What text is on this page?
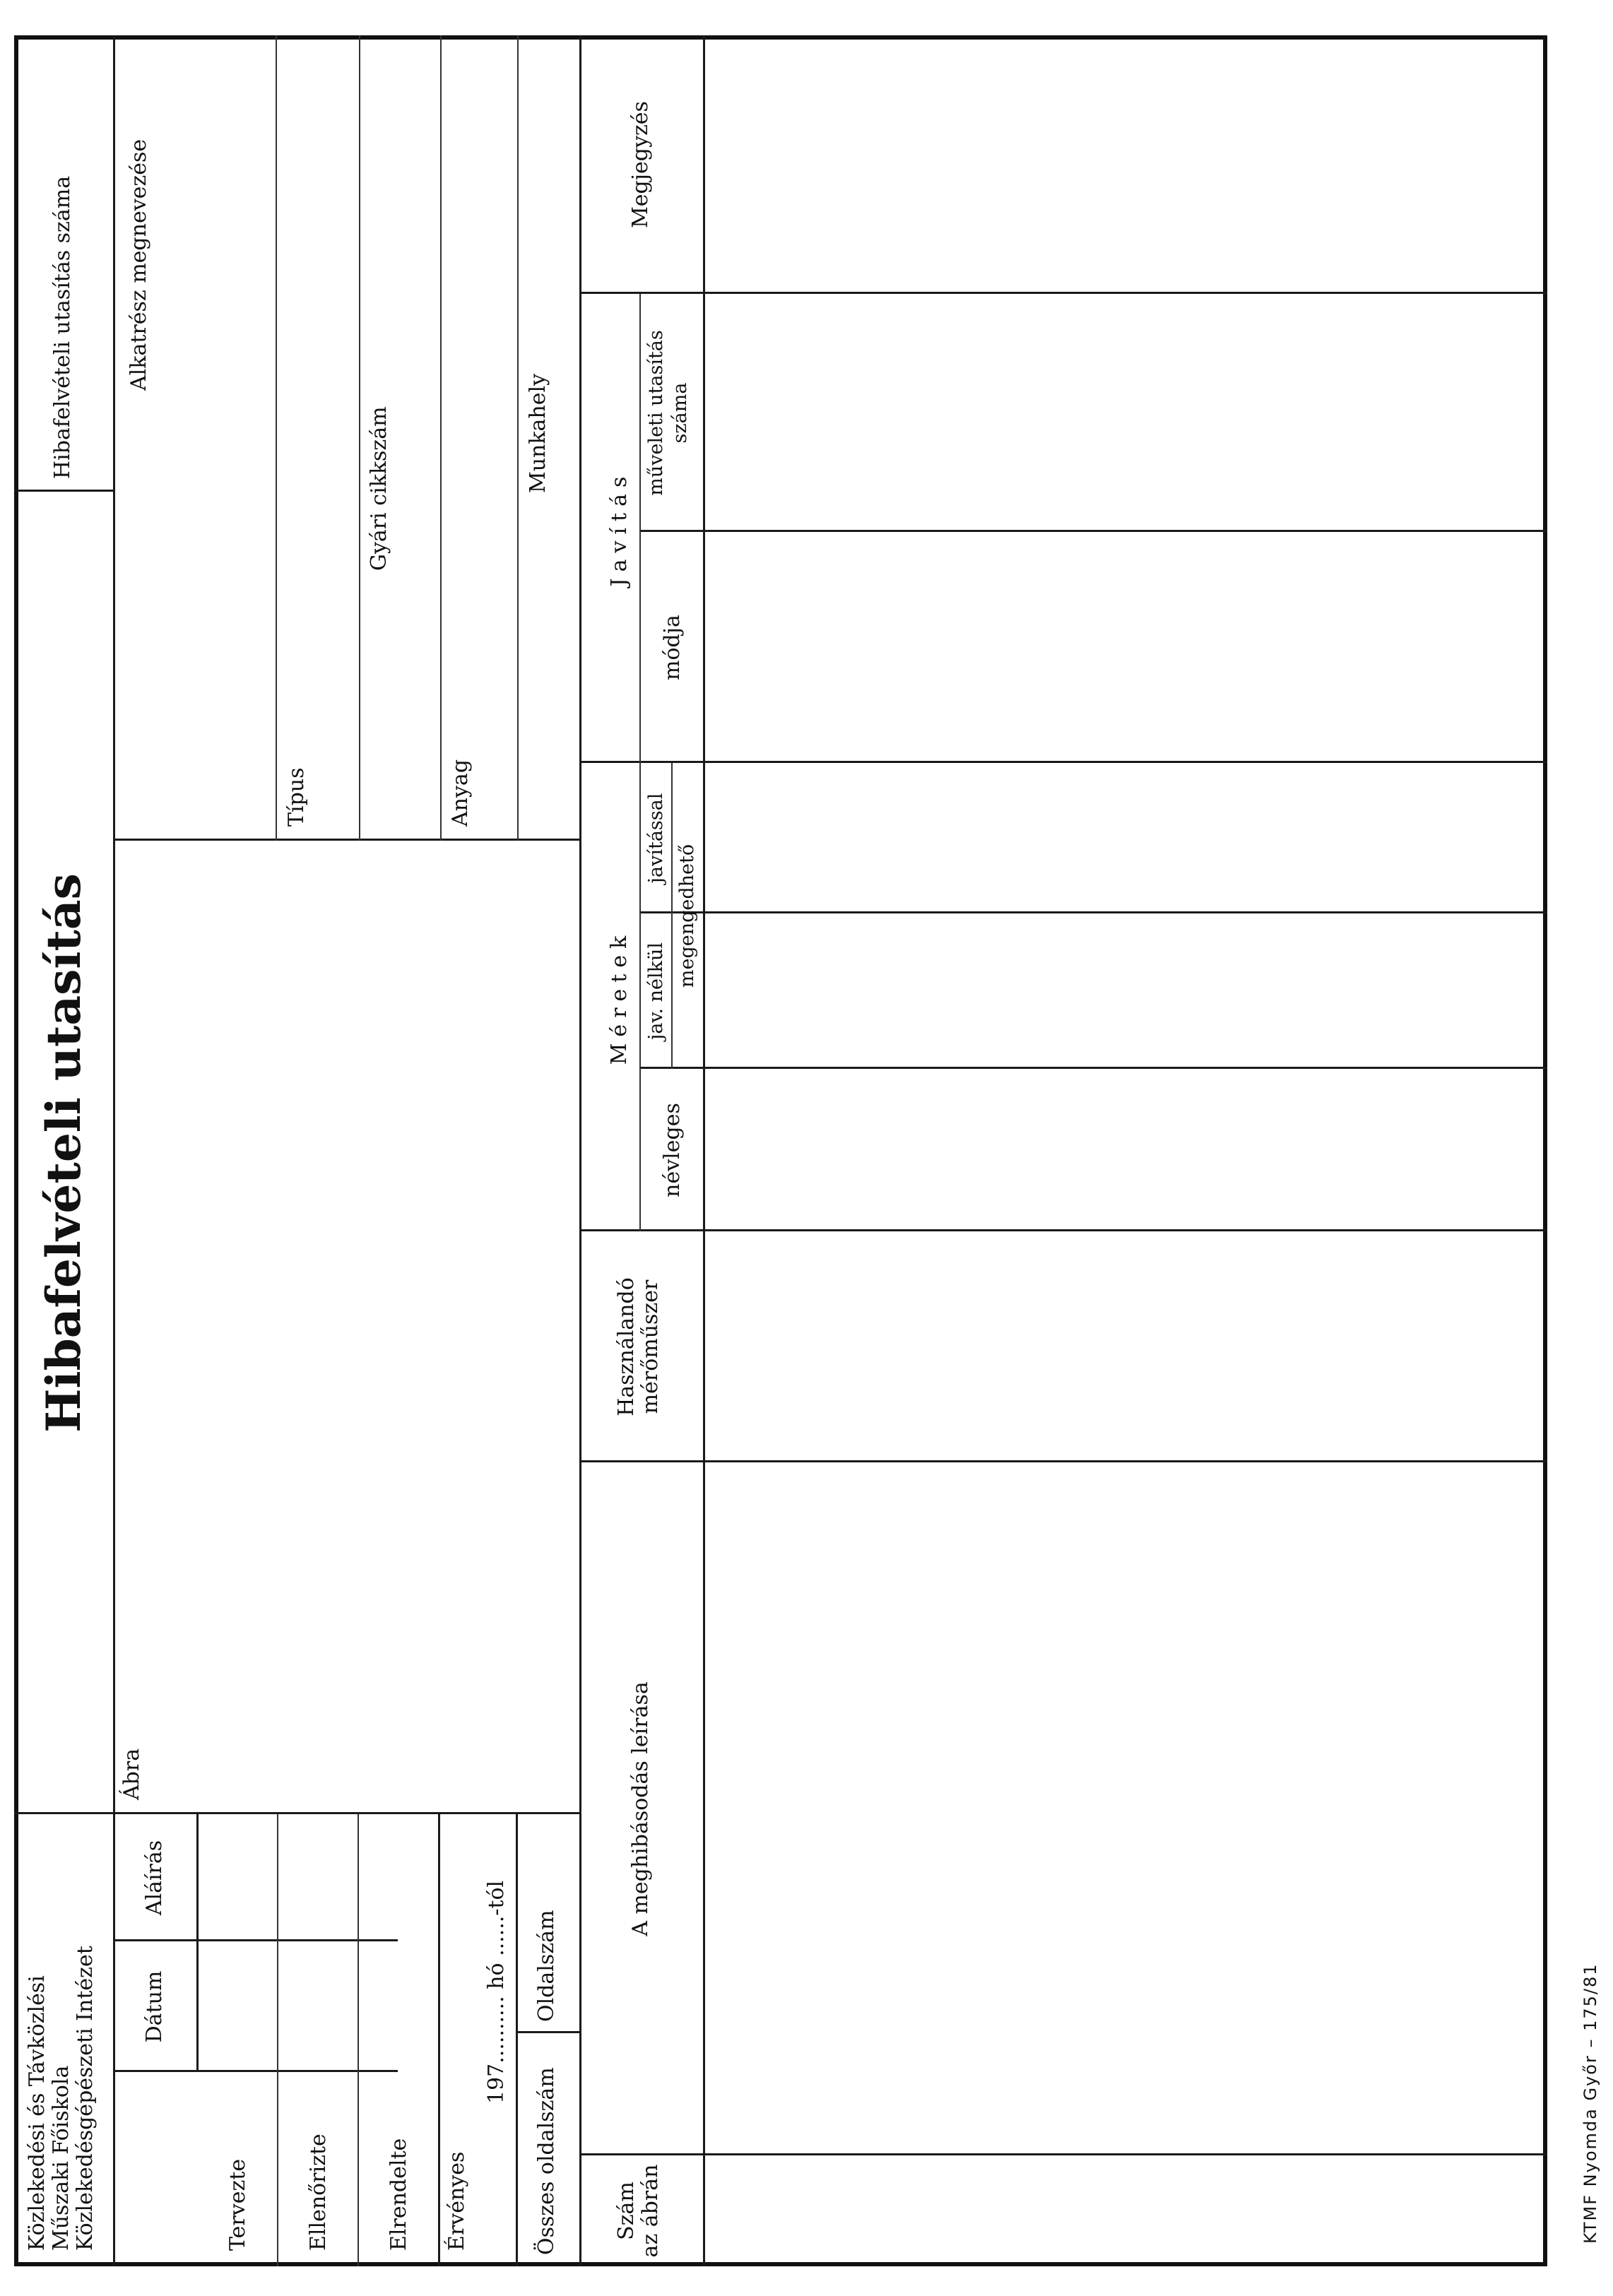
Közlekedési és Távközlési Műszaki Főiskola Közlekedésgépészeti Intézet Dátum
Aláírás
Tervezte	Ellenőrizte	Elrendelte Érvényes
197.......... hó ......-tól
Összes oldalszám
Oldalszám
Ábra
Hibafelvételi utasítás
Hibafelvételi utasítás száma Alkatrész megnevezése
Típus
Gyári cikkszám
Anyag
Munkahely
Szám az ábrán
A meghibásodás leírása
Használandó mérőműszer
Méretek
névleges
jav. nélkül
javítással
megengedhető
Javítás
módja
műveleti utasítás száma
Megjegyzés
KTMF Nyomda Győr – 175/81
